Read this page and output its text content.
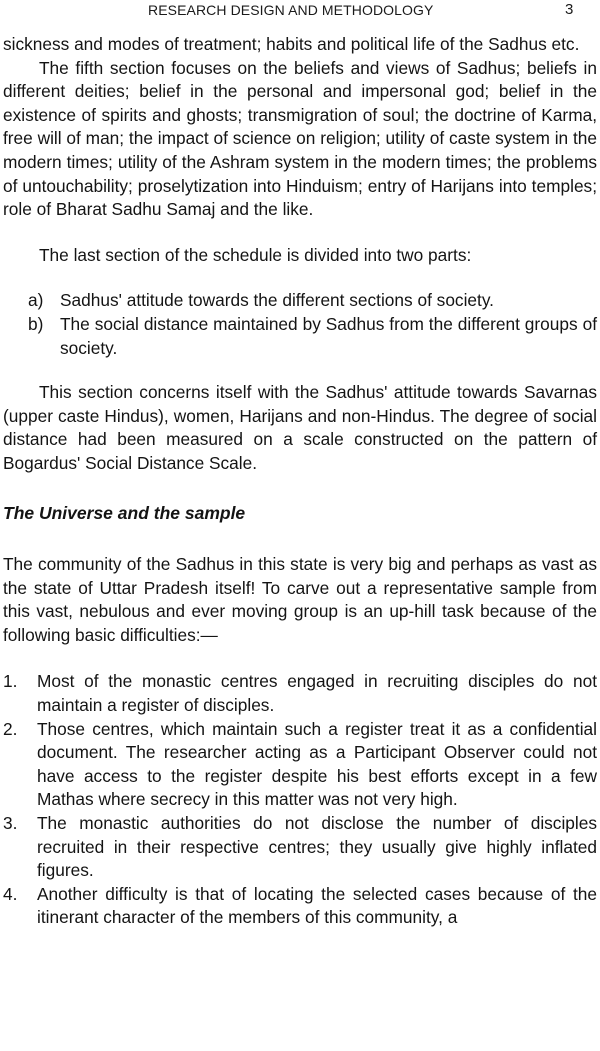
RESEARCH DESIGN AND METHODOLOGY	3

sickness and modes of treatment; habits and political life of the Sadhus etc.

The fifth section focuses on the beliefs and views of Sadhus; beliefs in different deities; belief in the personal and impersonal god; belief in the existence of spirits and ghosts; transmigration of soul; the doctrine of Karma, free will of man; the impact of science on religion; utility of caste system in the modern times; utility of the Ashram system in the modern times; the problems of untouchability; proselytization into Hinduism; entry of Harijans into temples; role of Bharat Sadhu Samaj and the like.

The last section of the schedule is divided into two parts:

a) Sadhus' attitude towards the different sections of society.
b) The social distance maintained by Sadhus from the different groups of society.

This section concerns itself with the Sadhus' attitude towards Savarnas (upper caste Hindus), women, Harijans and non-Hindus. The degree of social distance had been measured on a scale constructed on the pattern of Bogardus' Social Distance Scale.

The Universe and the sample

The community of the Sadhus in this state is very big and perhaps as vast as the state of Uttar Pradesh itself! To carve out a representative sample from this vast, nebulous and ever moving group is an up-hill task because of the following basic difficulties:—

1. Most of the monastic centres engaged in recruiting disciples do not maintain a register of disciples.
2. Those centres, which maintain such a register treat it as a confidential document. The researcher acting as a Participant Observer could not have access to the register despite his best efforts except in a few Mathas where secrecy in this matter was not very high.
3. The monastic authorities do not disclose the number of disciples recruited in their respective centres; they usually give highly inflated figures.
4. Another difficulty is that of locating the selected cases because of the itinerant character of the members of this community, a
